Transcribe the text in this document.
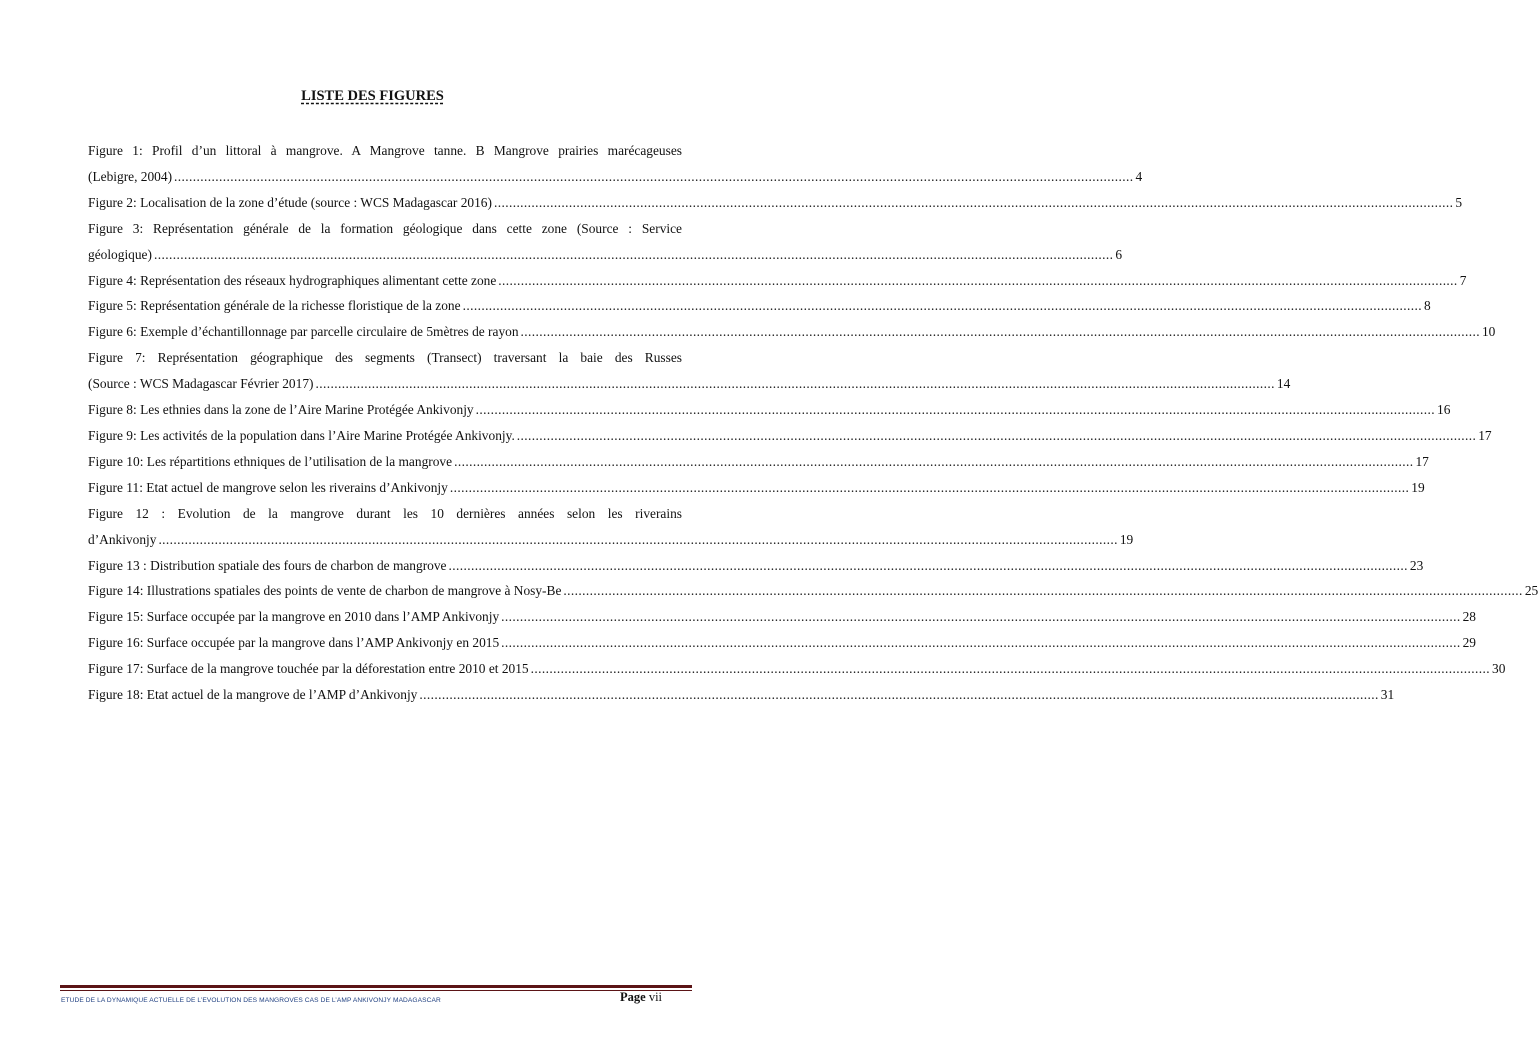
LISTE DES FIGURES
Figure 1: Profil d’un littoral à mangrove. A Mangrove tanne. B Mangrove prairies marécageuses
(Lebigre, 2004) .....	4
Figure 2: Localisation de la zone d’étude (source : WCS Madagascar 2016) .....	5
Figure 3: Représentation générale de la formation géologique dans cette zone (Source : Service
géologique) .....	6
Figure 4: Représentation des réseaux hydrographiques alimentant cette zone .....	7
Figure 5: Représentation générale de la richesse floristique de la zone .....	8
Figure 6: Exemple d’échantillonnage par parcelle circulaire de 5mètres de rayon .....	10
Figure 7: Représentation géographique des segments (Transect) traversant la baie des Russes
(Source : WCS Madagascar Février 2017) .....	14
Figure 8: Les ethnies dans la zone de l’Aire Marine Protégée Ankivonjy .....	16
Figure 9: Les activités de la population dans l’Aire Marine Protégée Ankivonjy. .....	17
Figure 10: Les répartitions ethniques de l’utilisation de la mangrove .....	17
Figure 11: Etat actuel de mangrove selon les riverains d’Ankivonjy .....	19
Figure 12 : Evolution de la mangrove durant les 10 dernières années selon les riverains
d’Ankivonjy .....	19
Figure 13 : Distribution spatiale des fours de charbon de mangrove .....	23
Figure 14: Illustrations spatiales des points de vente de charbon de mangrove à Nosy-Be .....	25
Figure 15: Surface occupée par la mangrove en 2010 dans l’AMP Ankivonjy .....	28
Figure 16: Surface occupée par la mangrove dans l’AMP Ankivonjy en 2015 .....	29
Figure 17: Surface de la mangrove touchée par la déforestation entre 2010 et 2015 .....	30
Figure 18: Etat actuel de la mangrove de l’AMP d’Ankivonjy .....	31
ETUDE DE LA DYNAMIQUE ACTUELLE DE L’EVOLUTION DES MANGROVES CAS DE L’AMP ANKIVONJY MADAGASCAR	Page vii
